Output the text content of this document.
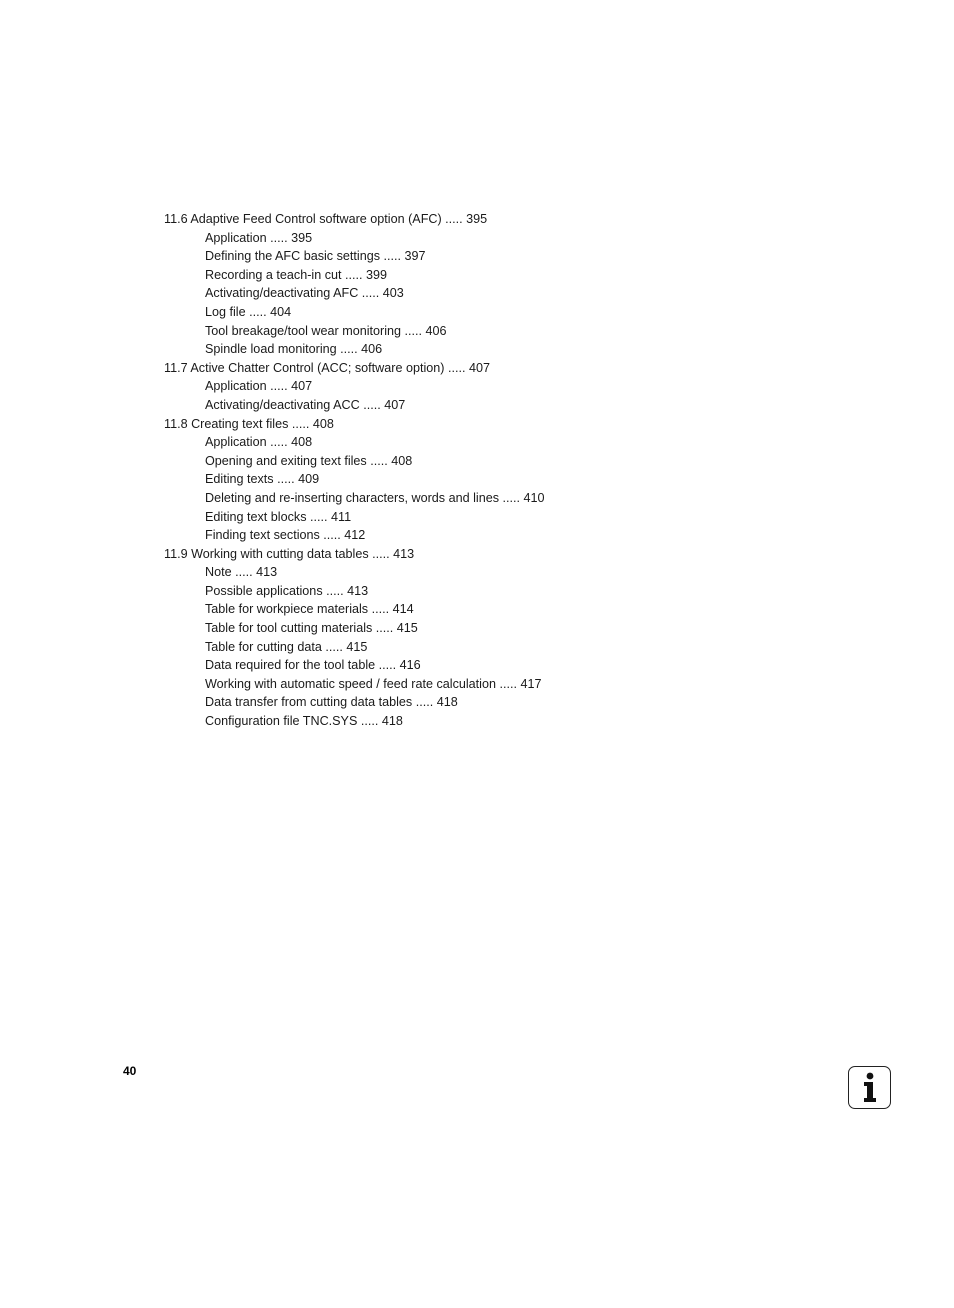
11.6 Adaptive Feed Control software option (AFC) ..... 395
Application ..... 395
Defining the AFC basic settings ..... 397
Recording a teach-in cut ..... 399
Activating/deactivating AFC ..... 403
Log file ..... 404
Tool breakage/tool wear monitoring ..... 406
Spindle load monitoring ..... 406
11.7 Active Chatter Control (ACC; software option) ..... 407
Application ..... 407
Activating/deactivating ACC ..... 407
11.8 Creating text files ..... 408
Application ..... 408
Opening and exiting text files ..... 408
Editing texts ..... 409
Deleting and re-inserting characters, words and lines ..... 410
Editing text blocks ..... 411
Finding text sections ..... 412
11.9 Working with cutting data tables ..... 413
Note ..... 413
Possible applications ..... 413
Table for workpiece materials ..... 414
Table for tool cutting materials ..... 415
Table for cutting data ..... 415
Data required for the tool table ..... 416
Working with automatic speed / feed rate calculation ..... 417
Data transfer from cutting data tables ..... 418
Configuration file TNC.SYS ..... 418
40
